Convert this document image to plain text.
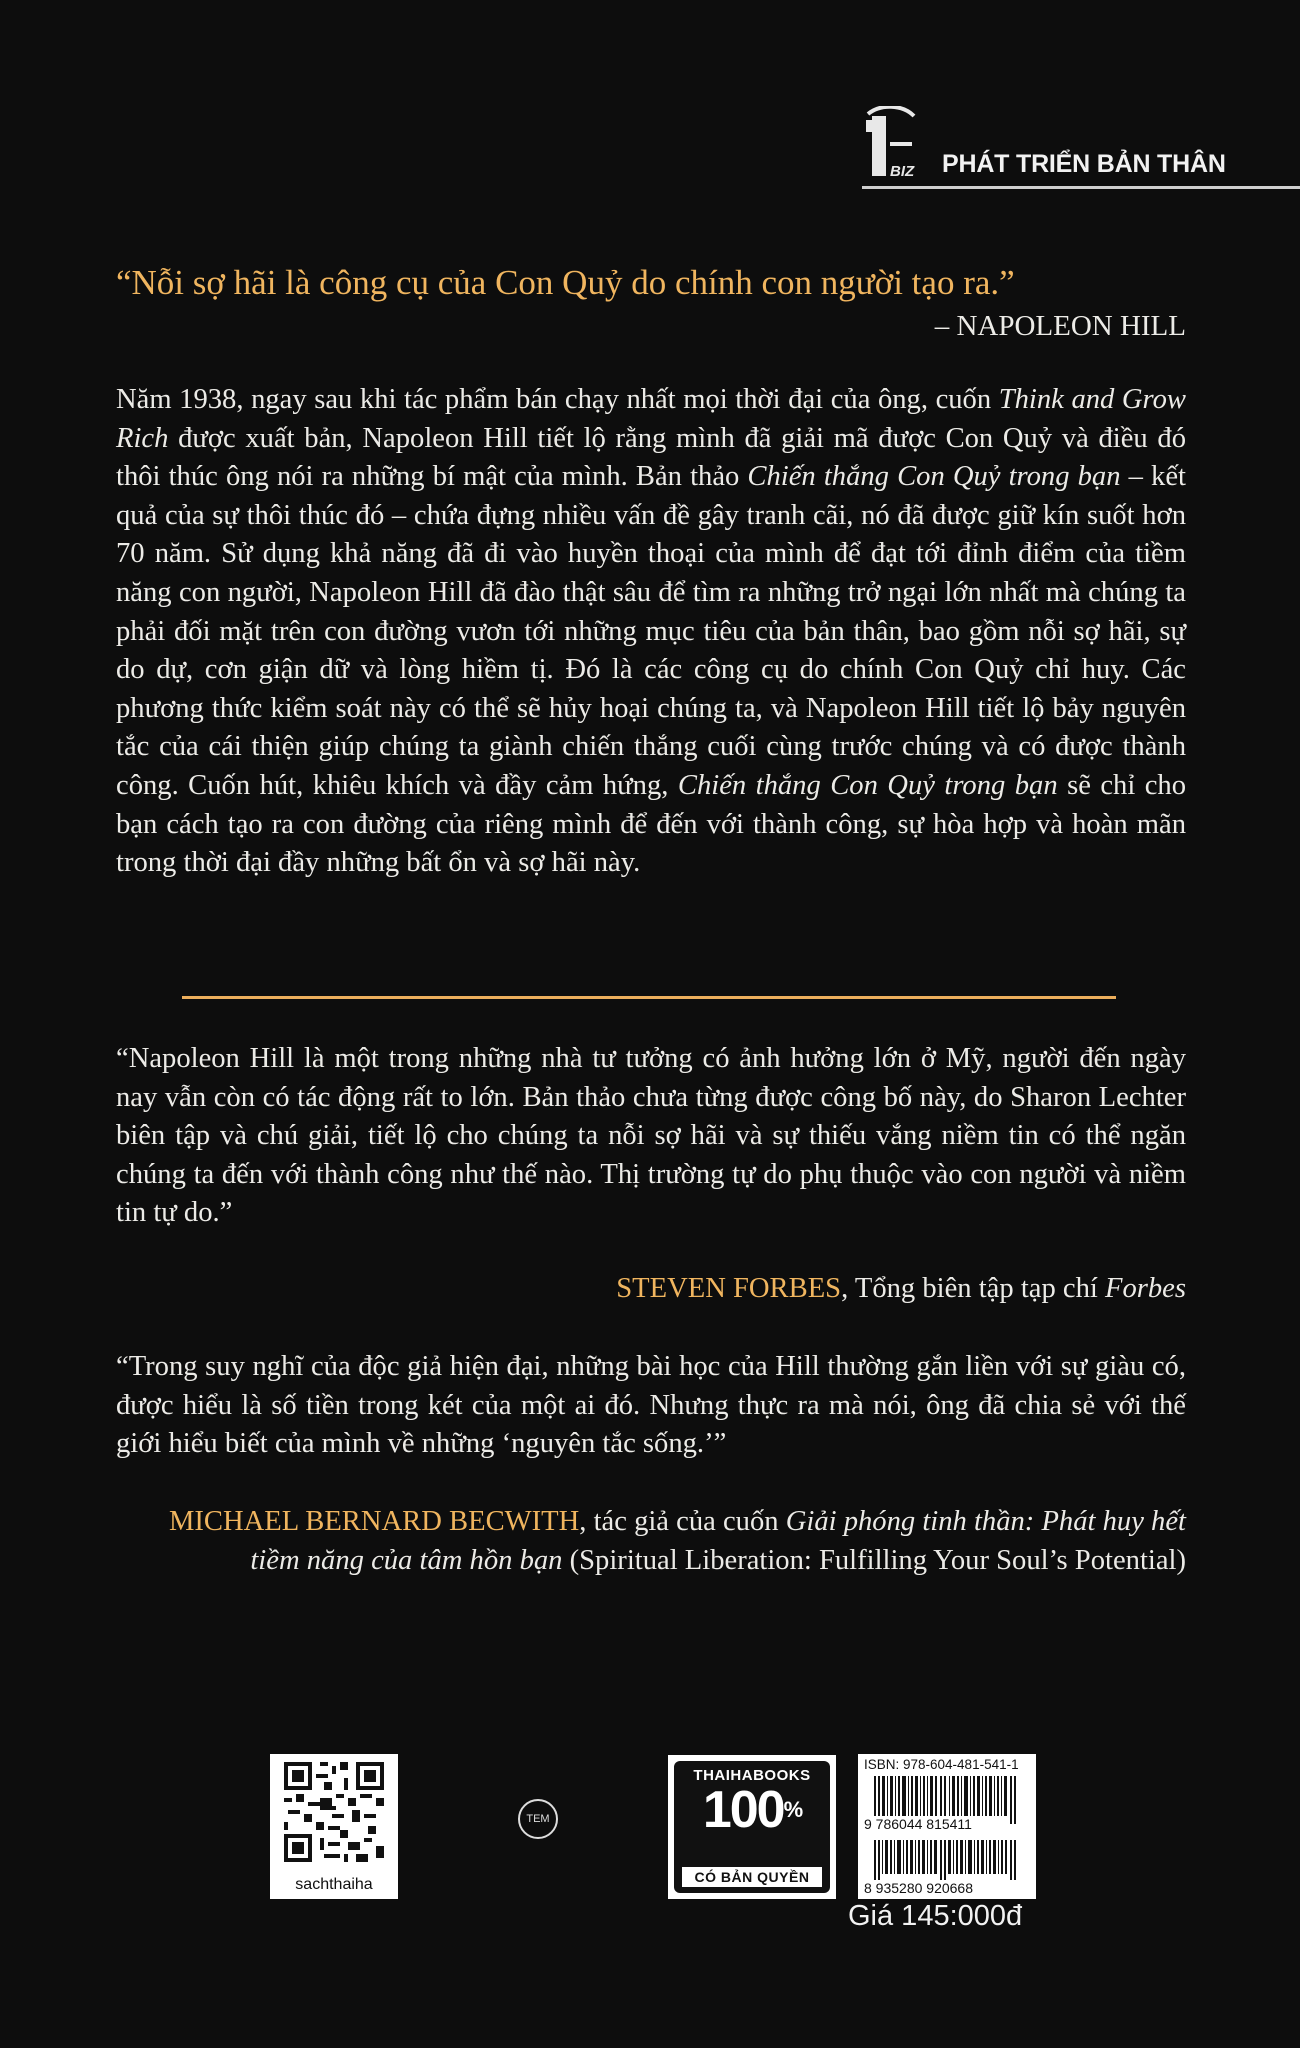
BIZ PHÁT TRIỂN BẢN THÂN
“Nỗi sợ hãi là công cụ của Con Quỷ do chính con người tạo ra.”
– NAPOLEON HILL

Năm 1938, ngay sau khi tác phẩm bán chạy nhất mọi thời đại của ông, cuốn Think and Grow Rich được xuất bản, Napoleon Hill tiết lộ rằng mình đã giải mã được Con Quỷ và điều đó thôi thúc ông nói ra những bí mật của mình. Bản thảo Chiến thắng Con Quỷ trong bạn – kết quả của sự thôi thúc đó – chứa đựng nhiều vấn đề gây tranh cãi, nó đã được giữ kín suốt hơn 70 năm. Sử dụng khả năng đã đi vào huyền thoại của mình để đạt tới đỉnh điểm của tiềm năng con người, Napoleon Hill đã đào thật sâu để tìm ra những trở ngại lớn nhất mà chúng ta phải đối mặt trên con đường vươn tới những mục tiêu của bản thân, bao gồm nỗi sợ hãi, sự do dự, cơn giận dữ và lòng hiềm tị. Đó là các công cụ do chính Con Quỷ chỉ huy. Các phương thức kiểm soát này có thể sẽ hủy hoại chúng ta, và Napoleon Hill tiết lộ bảy nguyên tắc của cái thiện giúp chúng ta giành chiến thắng cuối cùng trước chúng và có được thành công. Cuốn hút, khiêu khích và đầy cảm hứng, Chiến thắng Con Quỷ trong bạn sẽ chỉ cho bạn cách tạo ra con đường của riêng mình để đến với thành công, sự hòa hợp và hoàn mãn trong thời đại đầy những bất ổn và sợ hãi này.

“Napoleon Hill là một trong những nhà tư tưởng có ảnh hưởng lớn ở Mỹ, người đến ngày nay vẫn còn có tác động rất to lớn. Bản thảo chưa từng được công bố này, do Sharon Lechter biên tập và chú giải, tiết lộ cho chúng ta nỗi sợ hãi và sự thiếu vắng niềm tin có thể ngăn chúng ta đến với thành công như thế nào. Thị trường tự do phụ thuộc vào con người và niềm tin tự do.”

STEVEN FORBES, Tổng biên tập tạp chí Forbes

“Trong suy nghĩ của độc giả hiện đại, những bài học của Hill thường gắn liền với sự giàu có, được hiểu là số tiền trong két của một ai đó. Nhưng thực ra mà nói, ông đã chia sẻ với thế giới hiểu biết của mình về những ‘nguyên tắc sống.’”

MICHAEL BERNARD BECWITH, tác giả của cuốn Giải phóng tinh thần: Phát huy hết tiềm năng của tâm hồn bạn (Spiritual Liberation: Fulfilling Your Soul’s Potential)
sachthaiha
TEM
THAIHABOOKS
100%
CÓ BẢN QUYỀN
ISBN: 978-604-481-541-1
9 786044 815411
8 935280 920668
Giá 145:000đ
